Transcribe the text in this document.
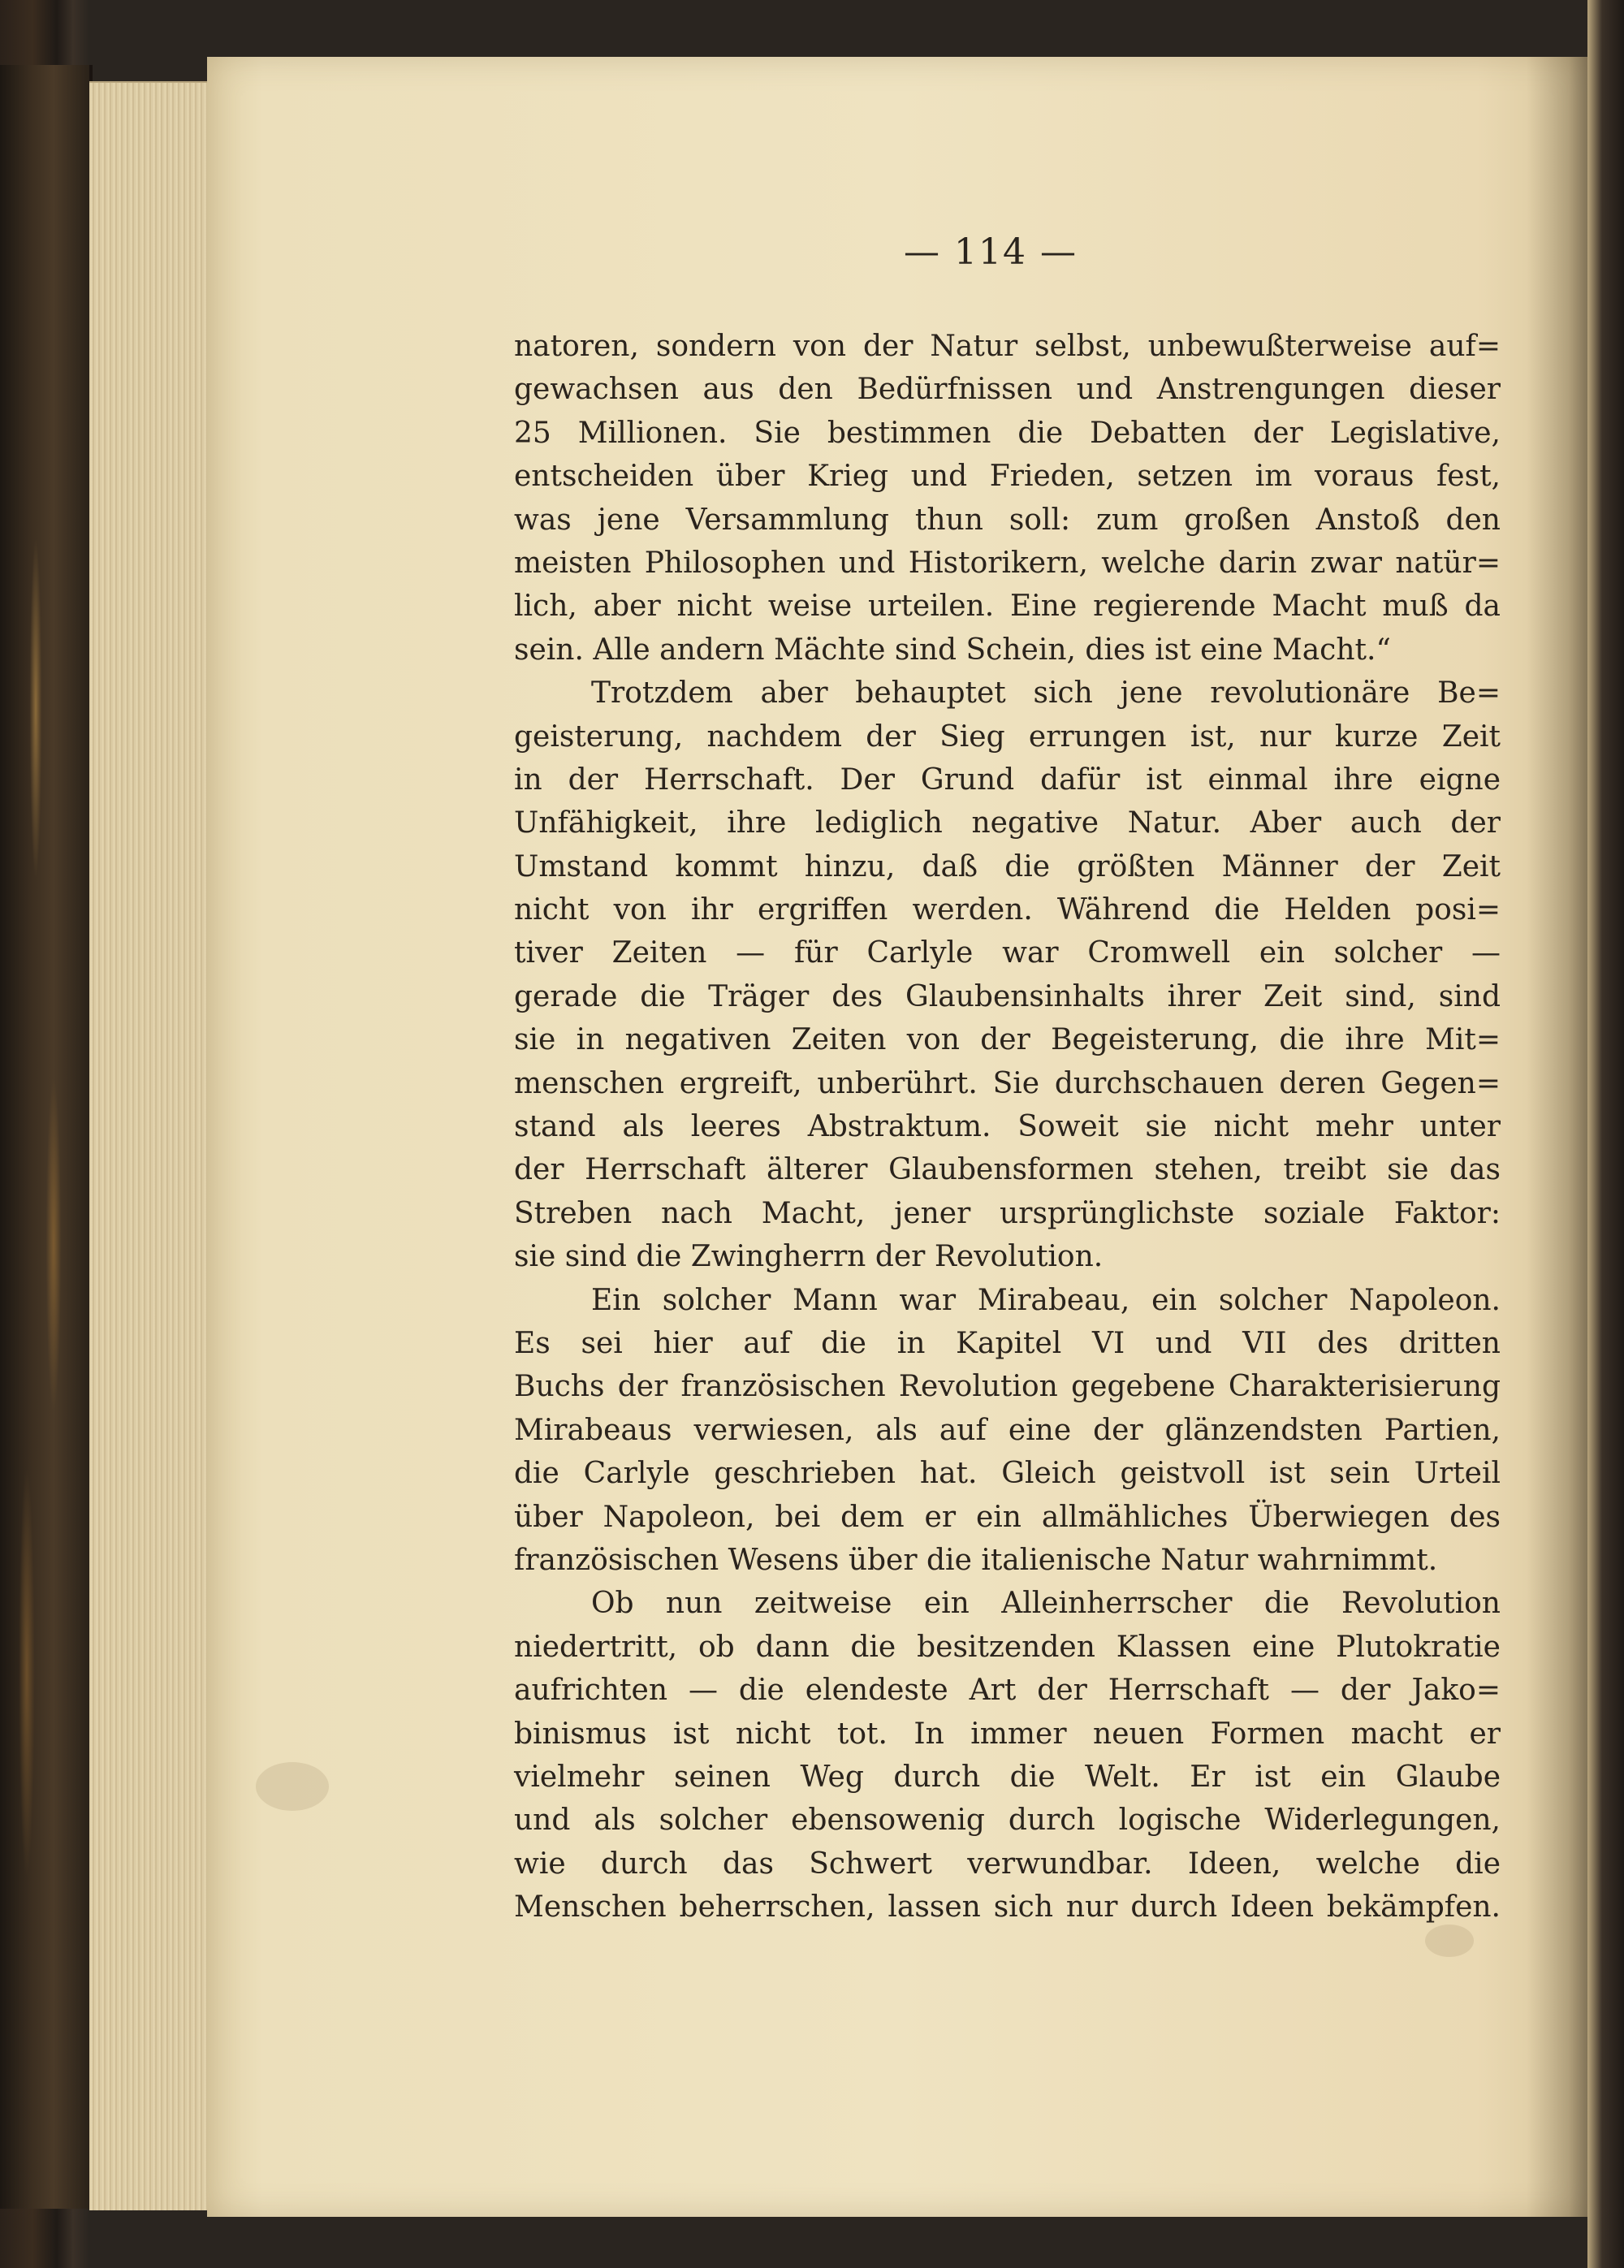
— 114 —
natoren, sondern von der Natur selbst, unbewußterweise auf=
gewachsen aus den Bedürfnissen und Anstrengungen dieser
25 Millionen. Sie bestimmen die Debatten der Legislative,
entscheiden über Krieg und Frieden, setzen im voraus fest,
was jene Versammlung thun soll: zum großen Anstoß den
meisten Philosophen und Historikern, welche darin zwar natür=
lich, aber nicht weise urteilen. Eine regierende Macht muß da
sein. Alle andern Mächte sind Schein, dies ist eine Macht.“
Trotzdem aber behauptet sich jene revolutionäre Be=
geisterung, nachdem der Sieg errungen ist, nur kurze Zeit
in der Herrschaft. Der Grund dafür ist einmal ihre eigne
Unfähigkeit, ihre lediglich negative Natur. Aber auch der
Umstand kommt hinzu, daß die größten Männer der Zeit
nicht von ihr ergriffen werden. Während die Helden posi=
tiver Zeiten — für Carlyle war Cromwell ein solcher —
gerade die Träger des Glaubensinhalts ihrer Zeit sind, sind
sie in negativen Zeiten von der Begeisterung, die ihre Mit=
menschen ergreift, unberührt. Sie durchschauen deren Gegen=
stand als leeres Abstraktum. Soweit sie nicht mehr unter
der Herrschaft älterer Glaubensformen stehen, treibt sie das
Streben nach Macht, jener ursprünglichste soziale Faktor:
sie sind die Zwingherrn der Revolution.
Ein solcher Mann war Mirabeau, ein solcher Napoleon.
Es sei hier auf die in Kapitel VI und VII des dritten
Buchs der französischen Revolution gegebene Charakterisierung
Mirabeaus verwiesen, als auf eine der glänzendsten Partien,
die Carlyle geschrieben hat. Gleich geistvoll ist sein Urteil
über Napoleon, bei dem er ein allmähliches Überwiegen des
französischen Wesens über die italienische Natur wahrnimmt.
Ob nun zeitweise ein Alleinherrscher die Revolution
niedertritt, ob dann die besitzenden Klassen eine Plutokratie
aufrichten — die elendeste Art der Herrschaft — der Jako=
binismus ist nicht tot. In immer neuen Formen macht er
vielmehr seinen Weg durch die Welt. Er ist ein Glaube
und als solcher ebensowenig durch logische Widerlegungen,
wie durch das Schwert verwundbar. Ideen, welche die
Menschen beherrschen, lassen sich nur durch Ideen bekämpfen.
